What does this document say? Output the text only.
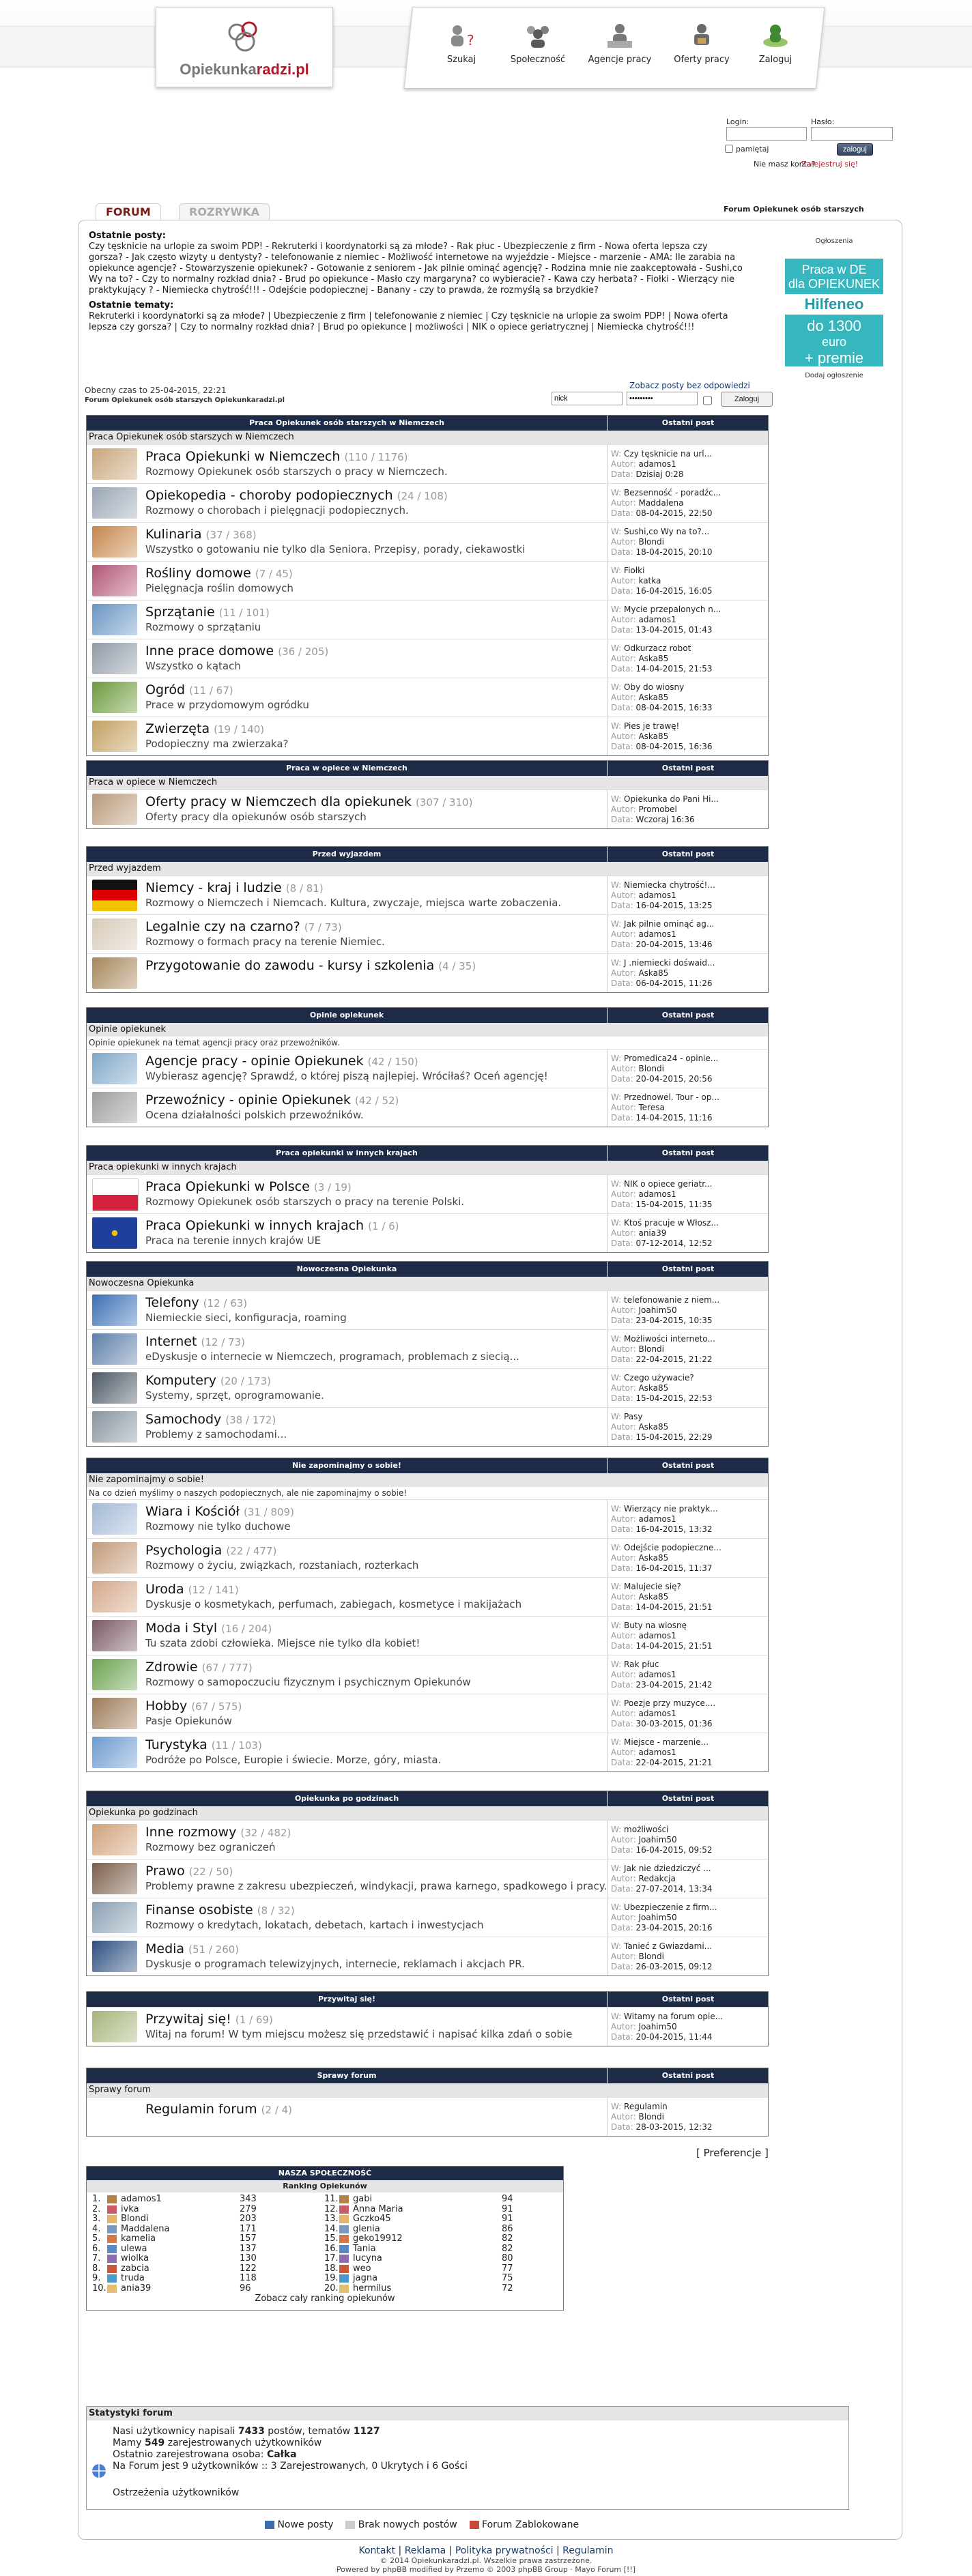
Opiekunkaradzi.pl
?
Szukaj	Społeczność	Agencje pracy	Oferty pracy	Zaloguj
Login:	Hasło:
pamiętaj	zaloguj
Nie masz konta?
Zarejestruj się!
FORUM	ROZRYWKA	Forum Opiekunek osób starszych
Ostatnie posty:
Czy tęsknicie na urlopie za swoim PDP! - Rekruterki i koordynatorki są za młode? - Rak płuc - Ubezpieczenie z firm - Nowa oferta lepsza czy gorsza? - Jak często wizyty u dentysty? - telefonowanie z niemiec - Możliwość internetowe na wyjeździe - Miejsce - marzenie - AMA: Ile zarabia na opiekunce agencje? - Stowarzyszenie opiekunek? - Gotowanie z seniorem - Jak pilnie ominąć agencję? - Rodzina mnie nie zaakceptowała - Sushi,co Wy na to? - Czy to normalny rozkład dnia? - Brud po opiekunce - Masło czy margaryna? co wybieracie? - Kawa czy herbata? - Fiołki - Wierzący nie praktykujący ? - Niemiecka chytrość!!! - Odejście podopiecznej - Banany - czy to prawda, że rozmyślą sa brzydkie?
Ostatnie tematy:
Rekruterki i koordynatorki są za młode? | Ubezpieczenie z firm | telefonowanie z niemiec | Czy tęsknicie na urlopie za swoim PDP! | Nowa oferta lepsza czy gorsza? | Czy to normalny rozkład dnia? | Brud po opiekunce | możliwości | NIK o opiece geriatrycznej | Niemiecka chytrość!!!
Ogłoszenia
Praca w DE
dla OPIEKUNEK
Hilfeneo
do 1300
euro
+ premie
Dodaj ogłoszenie
Obecny czas to 25-04-2015, 22:21
Forum Opiekunek osób starszych Opiekunkaradzi.pl
Zobacz posty bez odpowiedzi
nick
•••••••••
Zaloguj
Praca Opiekunek osób starszych w Niemczech	Ostatni post
Praca Opiekunek osób starszych w Niemczech
Praca Opiekunki w Niemczech (110 / 1176)
Rozmowy Opiekunek osób starszych o pracy w Niemczech.
W: Czy tęsknicie na url...
Autor: adamos1
Data: Dzisiaj 0:28
Opiekopedia - choroby podopiecznych (24 / 108)
Rozmowy o chorobach i pielęgnacji podopiecznych.
W: Bezsenność - poradźc...
Autor: Maddalena
Data: 08-04-2015, 22:50
Kulinaria (37 / 368)
Wszystko o gotowaniu nie tylko dla Seniora. Przepisy, porady, ciekawostki
W: Sushi,co Wy na to?...
Autor: Blondi
Data: 18-04-2015, 20:10
Rośliny domowe (7 / 45)
Pielęgnacja roślin domowych
W: Fiołki
Autor: katka
Data: 16-04-2015, 16:05
Sprzątanie (11 / 101)
Rozmowy o sprzątaniu
W: Mycie przepalonych n...
Autor: adamos1
Data: 13-04-2015, 01:43
Inne prace domowe (36 / 205)
Wszystko o kątach
W: Odkurzacz robot
Autor: Aska85
Data: 14-04-2015, 21:53
Ogród (11 / 67)
Prace w przydomowym ogródku
W: Oby do wiosny
Autor: Aska85
Data: 08-04-2015, 16:33
Zwierzęta (19 / 140)
Podopieczny ma zwierzaka?
W: Pies je trawę!
Autor: Aska85
Data: 08-04-2015, 16:36
Praca w opiece w Niemczech	Ostatni post
Praca w opiece w Niemczech
Oferty pracy w Niemczech dla opiekunek (307 / 310)
Oferty pracy dla opiekunów osób starszych
W: Opiekunka do Pani Hi...
Autor: Promobel
Data: Wczoraj 16:36
Przed wyjazdem	Ostatni post
Przed wyjazdem
Niemcy - kraj i ludzie (8 / 81)
Rozmowy o Niemczech i Niemcach. Kultura, zwyczaje, miejsca warte zobaczenia.
W: Niemiecka chytrość!...
Autor: adamos1
Data: 16-04-2015, 13:25
Legalnie czy na czarno? (7 / 73)
Rozmowy o formach pracy na terenie Niemiec.
W: Jak pilnie ominąć ag...
Autor: adamos1
Data: 20-04-2015, 13:46
Przygotowanie do zawodu - kursy i szkolenia (4 / 35)	W: J .niemiecki dośwaid...
Autor: Aska85
Data: 06-04-2015, 11:26
Opinie opiekunek	Ostatni post
Opinie opiekunek
Opinie opiekunek na temat agencji pracy oraz przewoźników.
Agencje pracy - opinie Opiekunek (42 / 150)
Wybierasz agencję? Sprawdź, o której piszą najlepiej. Wróciłaś? Oceń agencję!
W: Promedica24 - opinie...
Autor: Blondi
Data: 20-04-2015, 20:56
Przewoźnicy - opinie Opiekunek (42 / 52)
Ocena działalności polskich przewoźników.
W: Przednowel. Tour - op...
Autor: Teresa
Data: 14-04-2015, 11:16
Praca opiekunki w innych krajach	Ostatni post
Praca opiekunki w innych krajach
Praca Opiekunki w Polsce (3 / 19)
Rozmowy Opiekunek osób starszych o pracy na terenie Polski.
W: NIK o opiece geriatr...
Autor: adamos1
Data: 15-04-2015, 11:35
Praca Opiekunki w innych krajach (1 / 6)
Praca na terenie innych krajów UE
W: Ktoś pracuje w Włosz...
Autor: ania39
Data: 07-12-2014, 12:52
Nowoczesna Opiekunka	Ostatni post
Nowoczesna Opiekunka
Telefony (12 / 63)
Niemieckie sieci, konfiguracja, roaming
W: telefonowanie z niem...
Autor: Joahim50
Data: 23-04-2015, 10:35
Internet (12 / 73)
eDyskusje o internecie w Niemczech, programach, problemach z siecią...
W: Możliwości interneto...
Autor: Blondi
Data: 22-04-2015, 21:22
Komputery (20 / 173)
Systemy, sprzęt, oprogramowanie.
W: Czego używacie?
Autor: Aska85
Data: 15-04-2015, 22:53
Samochody (38 / 172)
Problemy z samochodami...
W: Pasy
Autor: Aska85
Data: 15-04-2015, 22:29
Nie zapominajmy o sobie!	Ostatni post
Nie zapominajmy o sobie!
Na co dzień myślimy o naszych podopiecznych, ale nie zapominajmy o sobie!
Wiara i Kościół (31 / 809)
Rozmowy nie tylko duchowe
W: Wierzący nie praktyk...
Autor: adamos1
Data: 16-04-2015, 13:32
Psychologia (22 / 477)
Rozmowy o życiu, związkach, rozstaniach, rozterkach
W: Odejście podopieczne...
Autor: Aska85
Data: 16-04-2015, 11:37
Uroda (12 / 141)
Dyskusje o kosmetykach, perfumach, zabiegach, kosmetyce i makijażach
W: Malujecie się?
Autor: Aska85
Data: 14-04-2015, 21:51
Moda i Styl (16 / 204)
Tu szata zdobi człowieka. Miejsce nie tylko dla kobiet!
W: Buty na wiosnę
Autor: adamos1
Data: 14-04-2015, 21:51
Zdrowie (67 / 777)
Rozmowy o samopoczuciu fizycznym i psychicznym Opiekunów
W: Rak płuc
Autor: adamos1
Data: 23-04-2015, 21:42
Hobby (67 / 575)
Pasje Opiekunów
W: Poezje przy muzyce....
Autor: adamos1
Data: 30-03-2015, 01:36
Turystyka (11 / 103)
Podróże po Polsce, Europie i świecie. Morze, góry, miasta.
W: Miejsce - marzenie...
Autor: adamos1
Data: 22-04-2015, 21:21
Opiekunka po godzinach	Ostatni post
Opiekunka po godzinach
Inne rozmowy (32 / 482)
Rozmowy bez ograniczeń
W: możliwości
Autor: Joahim50
Data: 16-04-2015, 09:52
Prawo (22 / 50)
Problemy prawne z zakresu ubezpieczeń, windykacji, prawa karnego, spadkowego i pracy.
W: Jak nie dziedziczyć ...
Autor: Redakcja
Data: 27-07-2014, 13:34
Finanse osobiste (8 / 32)
Rozmowy o kredytach, lokatach, debetach, kartach i inwestycjach
W: Ubezpieczenie z firm...
Autor: Joahim50
Data: 23-04-2015, 20:16
Media (51 / 260)
Dyskusje o programach telewizyjnych, internecie, reklamach i akcjach PR.
W: Tanieć z Gwiazdami...
Autor: Blondi
Data: 26-03-2015, 09:12
Przywitaj się!	Ostatni post
Przywitaj się! (1 / 69)
Witaj na forum! W tym miejscu możesz się przedstawić i napisać kilka zdań o sobie
W: Witamy na forum opie...
Autor: Joahim50
Data: 20-04-2015, 11:44
Sprawy forum	Ostatni post
Sprawy forum
Regulamin forum (2 / 4)	W: Regulamin
Autor: Blondi
Data: 28-03-2015, 12:32
[ Preferencje ]
NASZA SPOŁECZNOŚĆ
Ranking Opiekunów
Zobacz cały ranking opiekunów
1. adamos1	343
2. ivka	279
3. Blondi	203
4. Maddalena	171
5. kamelia	157
6. ulewa	137
7. wiolka	130
8. zabcia	122
9. truda	118
10. ania39	96
11. gabi	94
12. Anna Maria	91
13. Gczko45	91
14. glenia	86
15. geko19912	82
16. Tania	82
17. lucyna	80
18. weo	77
19. jagna	75
20. hermilus	72
Statystyki forum
Nasi użytkownicy napisali 7433 postów, tematów 1127
Mamy 549 zarejestrowanych użytkowników
Ostatnio zarejestrowana osoba: Całka
Na Forum jest 9 użytkowników :: 3 Zarejestrowanych, 0 Ukrytych i 6 Gości
Ostrzeżenia użytkowników
Nowe posty	Brak nowych postów	Forum Zablokowane
Kontakt | Reklama | Polityka prywatności | Regulamin
© 2014 Opiekunkaradzi.pl. Wszelkie prawa zastrzeżone.
Powered by phpBB modified by Przemo © 2003 phpBB Group · Mayo Forum [!!]
